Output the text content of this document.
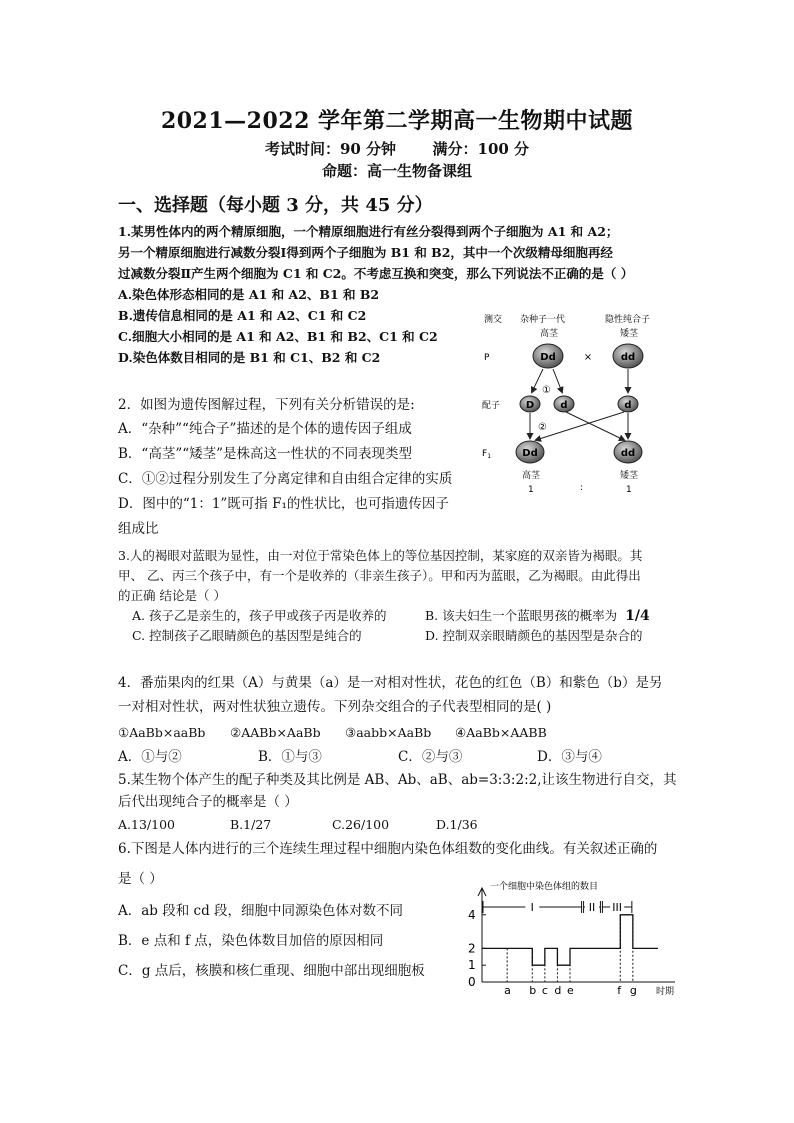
2021—2022 学年第二学期高一生物期中试题
考试时间：90 分钟 满分：100 分
命题：高一生物备课组
一、选择题（每小题 3 分，共 45 分）
1.某男性体内的两个精原细胞，一个精原细胞进行有丝分裂得到两个子细胞为 A1 和 A2；
另一个精原细胞进行减数分裂Ⅰ得到两个子细胞为 B1 和 B2，其中一个次级精母细胞再经
过减数分裂Ⅱ产生两个细胞为 C1 和 C2。不考虑互换和突变，那么下列说法不正确的是（ ）
A.染色体形态相同的是 A1 和 A2、B1 和 B2
B.遗传信息相同的是 A1 和 A2、C1 和 C2
C.细胞大小相同的是 A1 和 A2、B1 和 B2、C1 和 C2
D.染色体数目相同的是 B1 和 C1、B2 和 C2
2．如图为遗传图解过程，下列有关分析错误的是:
A．“杂种”“纯合子”描述的是个体的遗传因子组成
B．“高茎”“矮茎”是株高这一性状的不同表现类型
C．①②过程分别发生了分离定律和自由组合定律的实质
D．图中的“1：1”既可指 F₁的性状比，也可指遗传因子
组成比
测交 杂种子一代	隐性纯合子
高茎	矮茎
P	Dd	×	dd
①
配子	D	d	d
②
$F_1$	Dd	dd
高茎	矮茎
1	:	1
3.人的褐眼对蓝眼为显性，由一对位于常染色体上的等位基因控制，某家庭的双亲皆为褐眼。其
甲、 乙、丙三个孩子中，有一个是收养的（非亲生孩子）。甲和丙为蓝眼，乙为褐眼。由此得出
的正确 结论是（ ）
A. 孩子乙是亲生的，孩子甲或孩子丙是收养的	B. 该夫妇生一个蓝眼男孩的概率为 1/4
C. 控制孩子乙眼睛颜色的基因型是纯合的	D. 控制双亲眼睛颜色的基因型是杂合的
4．番茄果肉的红果（A）与黄果（a）是一对相对性状，花色的红色（B）和紫色（b）是另
一对相对性状，两对性状独立遗传。下列杂交组合的子代表型相同的是( )
①AaBb×aaBb ②AABb×AaBb ③aabb×AaBb ④AaBb×AABB
A．①与②	B．①与③	C．②与③	D．③与④
5.某生物个体产生的配子种类及其比例是 AB、Ab、aB、ab=3:3:2:2,让该生物进行自交，其
后代出现纯合子的概率是（ ）
A.13/100	B.1/27	C.26/100	D.1/36
6.下图是人体内进行的三个连续生理过程中细胞内染色体组数的变化曲线。有关叙述正确的
是（ ）
A．ab 段和 cd 段，细胞中同源染色体对数不同
B．e 点和 f 点，染色体数目加倍的原因相同
C．g 点后，核膜和核仁重现、细胞中部出现细胞板
一个细胞中染色体组的数目
0
1
2
4
I	II III
a b c d e	f g 时期
